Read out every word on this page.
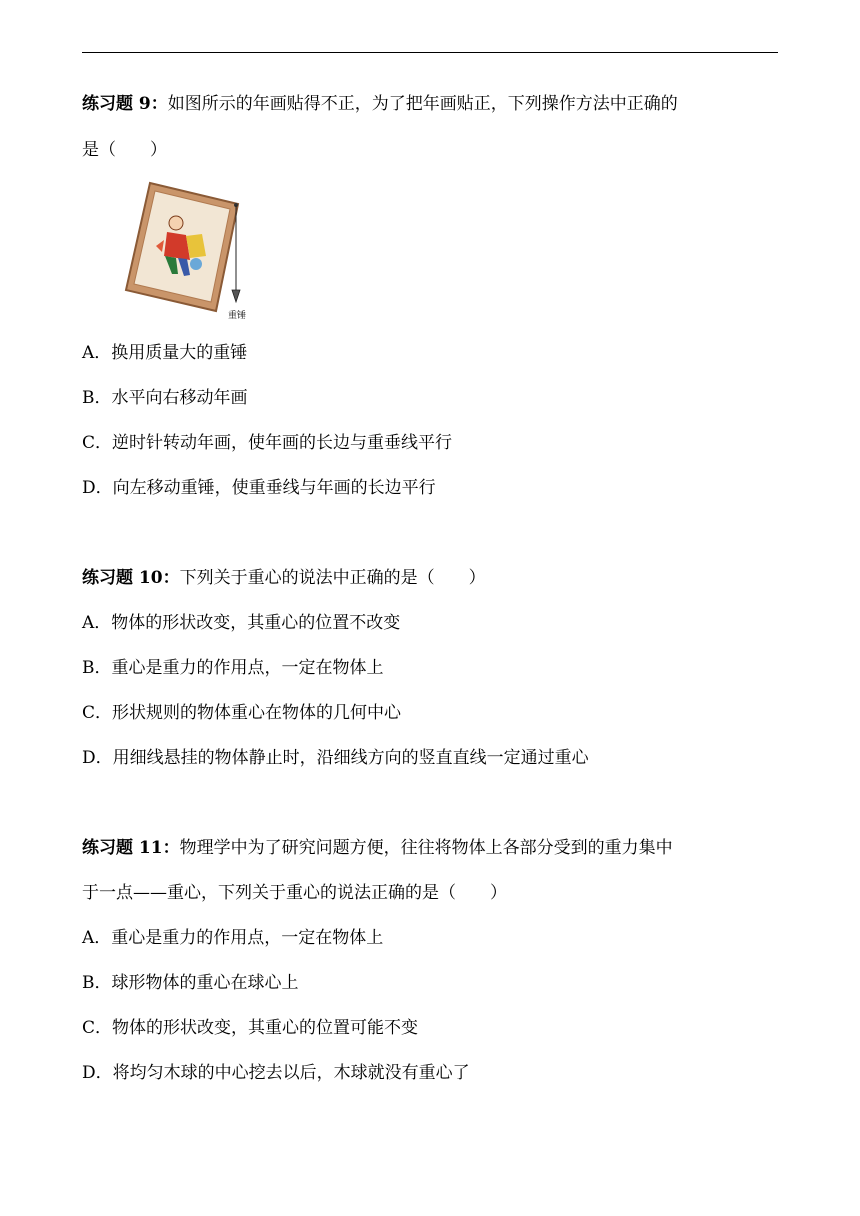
练习题 9：如图所示的年画贴得不正，为了把年画贴正，下列操作方法中正确的
是（　　）
重锤
A．换用质量大的重锤
B．水平向右移动年画
C．逆时针转动年画，使年画的长边与重垂线平行
D．向左移动重锤，使重垂线与年画的长边平行
练习题 10：下列关于重心的说法中正确的是（　　）
A．物体的形状改变，其重心的位置不改变
B．重心是重力的作用点，一定在物体上
C．形状规则的物体重心在物体的几何中心
D．用细线悬挂的物体静止时，沿细线方向的竖直直线一定通过重心
练习题 11：物理学中为了研究问题方便，往往将物体上各部分受到的重力集中
于一点——重心，下列关于重心的说法正确的是（　　）
A．重心是重力的作用点，一定在物体上
B．球形物体的重心在球心上
C．物体的形状改变，其重心的位置可能不变
D．将均匀木球的中心挖去以后，木球就没有重心了
